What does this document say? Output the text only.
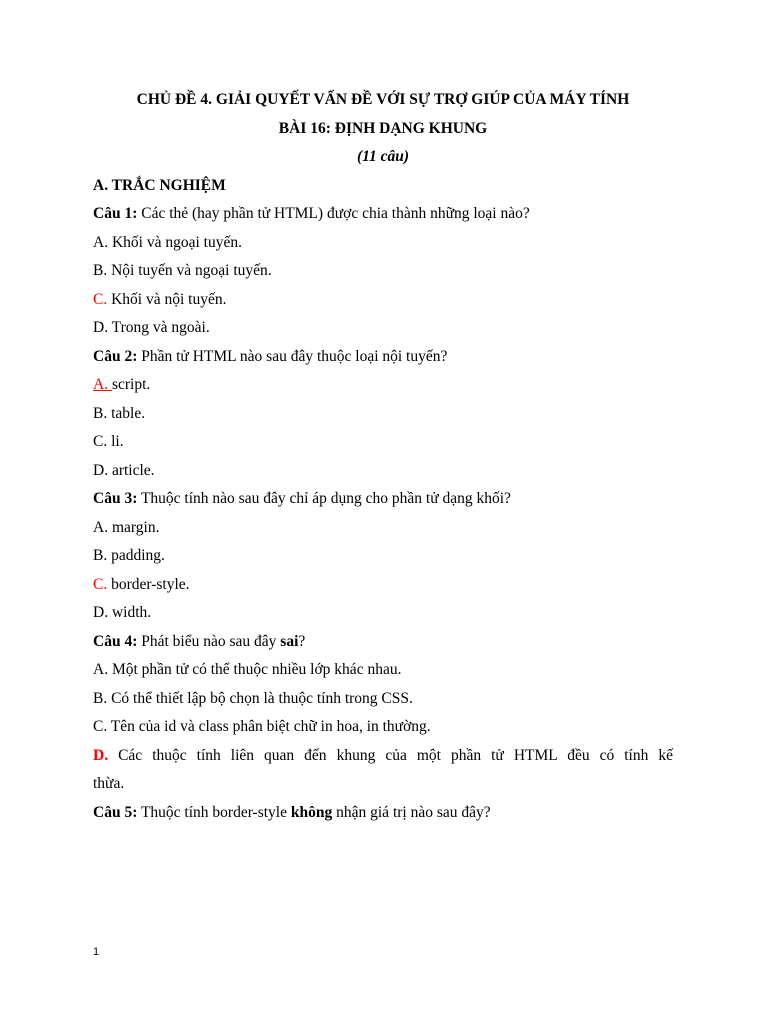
CHỦ ĐỀ 4. GIẢI QUYẾT VẤN ĐỀ VỚI SỰ TRỢ GIÚP CỦA MÁY TÍNH
BÀI 16: ĐỊNH DẠNG KHUNG
(11 câu)
A. TRẮC NGHIỆM
Câu 1: Các thẻ (hay phần tử HTML) được chia thành những loại nào?
A. Khối và ngoại tuyến.
B. Nội tuyến và ngoại tuyến.
C. Khối và nội tuyến.
D. Trong và ngoài.
Câu 2: Phần tử HTML nào sau đây thuộc loại nội tuyến?
A. script.
B. table.
C. li.
D. article.
Câu 3: Thuộc tính nào sau đây chỉ áp dụng cho phần tử dạng khối?
A. margin.
B. padding.
C. border-style.
D. width.
Câu 4: Phát biểu nào sau đây sai?
A. Một phần tử có thể thuộc nhiều lớp khác nhau.
B. Có thể thiết lập bộ chọn là thuộc tính trong CSS.
C. Tên của id và class phân biệt chữ in hoa, in thường.
D. Các thuộc tính liên quan đến khung của một phần tử HTML đều có tính kế
thừa.
Câu 5: Thuộc tính border-style không nhận giá trị nào sau đây?
1
